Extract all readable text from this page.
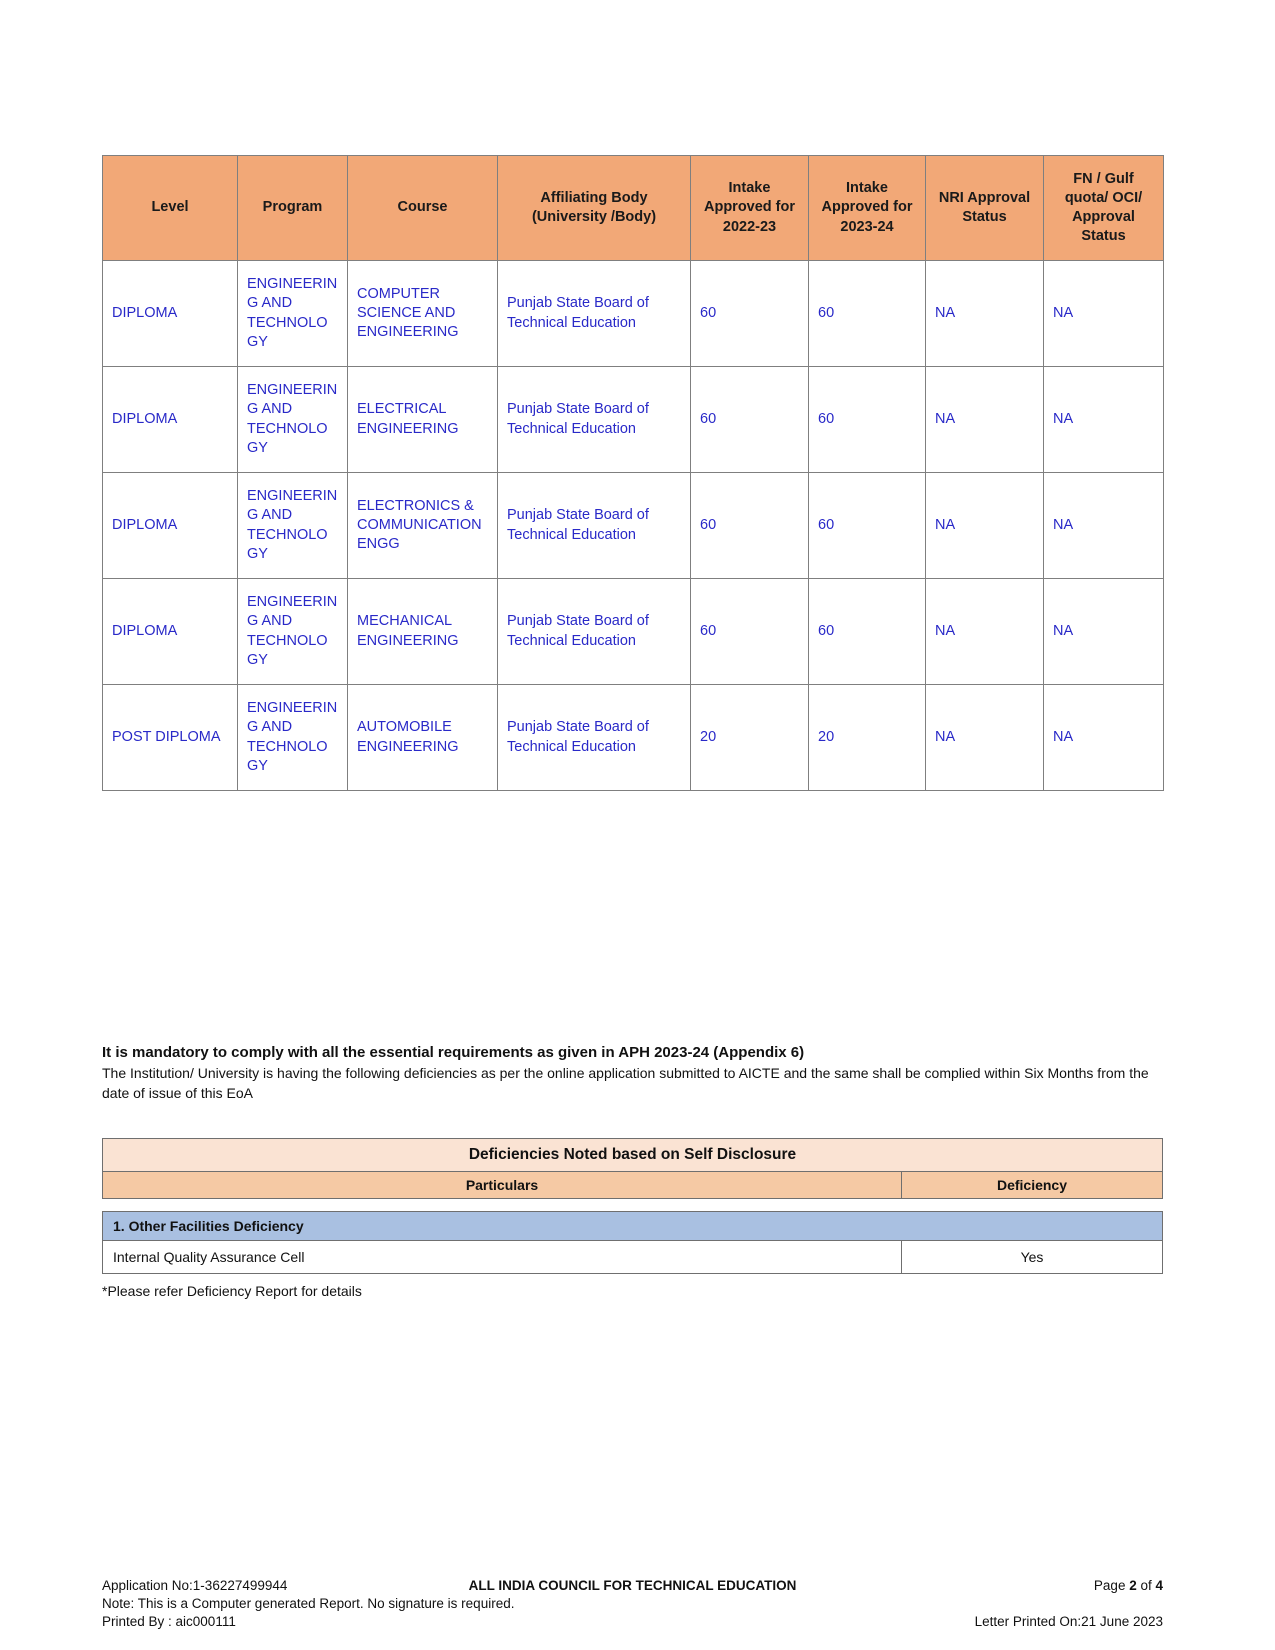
Level	Program	Course	Affiliating Body (University /Body)	Intake Approved for 2022-23	Intake Approved for 2023-24	NRI Approval Status	FN / Gulf quota/ OCI/ Approval Status
DIPLOMA	ENGINEERING AND TECHNOLOGY	COMPUTER SCIENCE AND ENGINEERING	Punjab State Board of Technical Education	60	60	NA	NA
DIPLOMA	ENGINEERING AND TECHNOLOGY	ELECTRICAL ENGINEERING	Punjab State Board of Technical Education	60	60	NA	NA
DIPLOMA	ENGINEERING AND TECHNOLOGY	ELECTRONICS & COMMUNICATION ENGG	Punjab State Board of Technical Education	60	60	NA	NA
DIPLOMA	ENGINEERING AND TECHNOLOGY	MECHANICAL ENGINEERING	Punjab State Board of Technical Education	60	60	NA	NA
POST DIPLOMA	ENGINEERING AND TECHNOLOGY	AUTOMOBILE ENGINEERING	Punjab State Board of Technical Education	20	20	NA	NA

It is mandatory to comply with all the essential requirements as given in APH 2023-24 (Appendix 6)

The Institution/ University is having the following deficiencies as per the online application submitted to AICTE and the same shall be complied within Six Months from the date of issue of this EoA

Deficiencies Noted based on Self Disclosure
Particulars	Deficiency
1. Other Facilities Deficiency
Internal Quality Assurance Cell	Yes
*Please refer Deficiency Report for details
Application No:1-36227499944	ALL INDIA COUNCIL FOR TECHNICAL EDUCATION	Page 2 of 4
Note: This is a Computer generated Report. No signature is required.
Printed By : aic000111	Letter Printed On:21 June 2023
